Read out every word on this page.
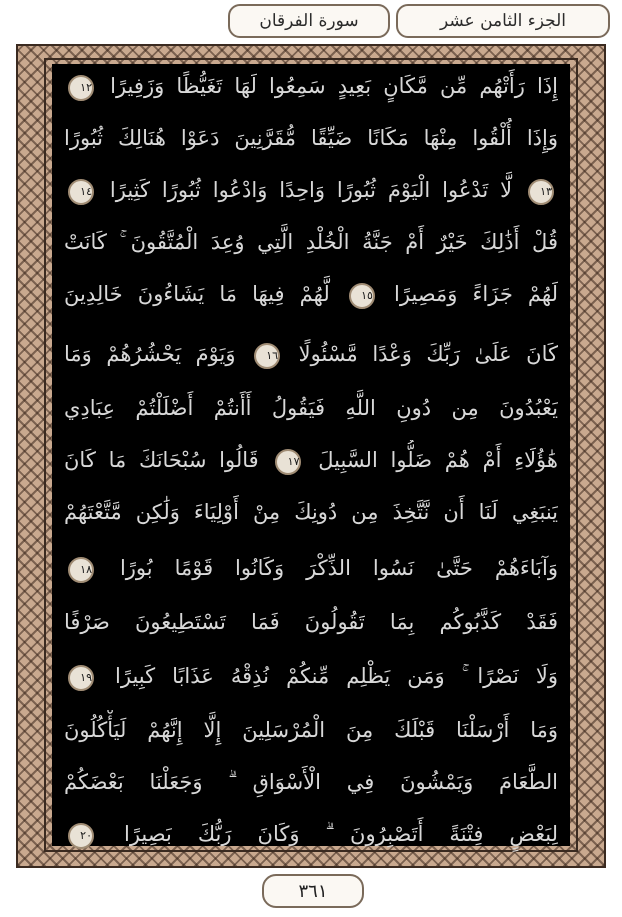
الجزء الثامن عشر
سورة الفرقان
إِذَا رَأَتْهُم مِّن مَّكَانٍ بَعِيدٍ سَمِعُوا لَهَا تَغَيُّظًا وَزَفِيرًا ١٢
وَإِذَا أُلْقُوا مِنْهَا مَكَانًا ضَيِّقًا مُّقَرَّنِينَ دَعَوْا هُنَالِكَ ثُبُورًا
١٣ لَّا تَدْعُوا الْيَوْمَ ثُبُورًا وَاحِدًا وَادْعُوا ثُبُورًا كَثِيرًا ١٤
قُلْ أَذَٰلِكَ خَيْرٌ أَمْ جَنَّةُ الْخُلْدِ الَّتِي وُعِدَ الْمُتَّقُونَ ۚ كَانَتْ
لَهُمْ جَزَاءً وَمَصِيرًا ١٥ لَّهُمْ فِيهَا مَا يَشَاءُونَ خَالِدِينَ
كَانَ عَلَىٰ رَبِّكَ وَعْدًا مَّسْئُولًا ١٦ وَيَوْمَ يَحْشُرُهُمْ وَمَا
يَعْبُدُونَ مِن دُونِ اللَّهِ فَيَقُولُ أَأَنتُمْ أَضْلَلْتُمْ عِبَادِي
هَٰؤُلَاءِ أَمْ هُمْ ضَلُّوا السَّبِيلَ ١٧ قَالُوا سُبْحَانَكَ مَا كَانَ
يَنبَغِي لَنَا أَن نَّتَّخِذَ مِن دُونِكَ مِنْ أَوْلِيَاءَ وَلَٰكِن مَّتَّعْتَهُمْ
وَآبَاءَهُمْ حَتَّىٰ نَسُوا الذِّكْرَ وَكَانُوا قَوْمًا بُورًا ١٨
فَقَدْ كَذَّبُوكُم بِمَا تَقُولُونَ فَمَا تَسْتَطِيعُونَ صَرْفًا
وَلَا نَصْرًا ۚ وَمَن يَظْلِم مِّنكُمْ نُذِقْهُ عَذَابًا كَبِيرًا ١٩
وَمَا أَرْسَلْنَا قَبْلَكَ مِنَ الْمُرْسَلِينَ إِلَّا إِنَّهُمْ لَيَأْكُلُونَ
الطَّعَامَ وَيَمْشُونَ فِي الْأَسْوَاقِ ۗ وَجَعَلْنَا بَعْضَكُمْ
لِبَعْضٍ فِتْنَةً أَتَصْبِرُونَ ۗ وَكَانَ رَبُّكَ بَصِيرًا ٢٠
٣٦١
